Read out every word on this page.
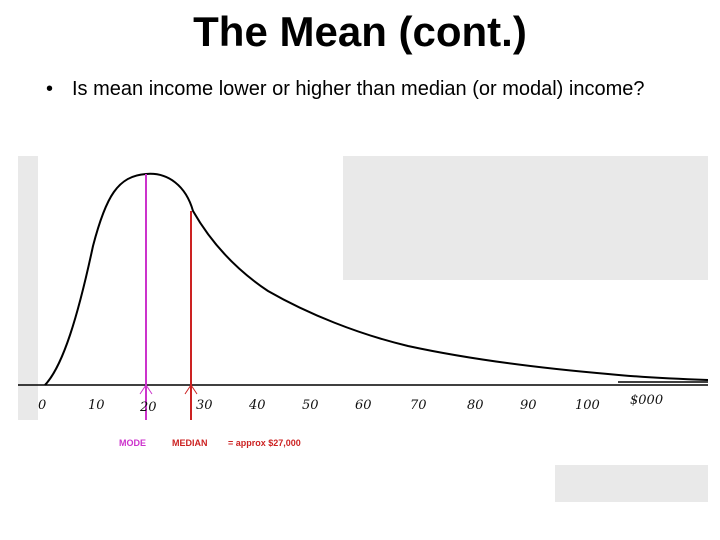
The Mean (cont.)
• Is mean income lower or higher than median (or modal) income?
0	10	20	30	40	50	60	70	80	90	100 $000
MODE	MEDIAN = approx $27,000
